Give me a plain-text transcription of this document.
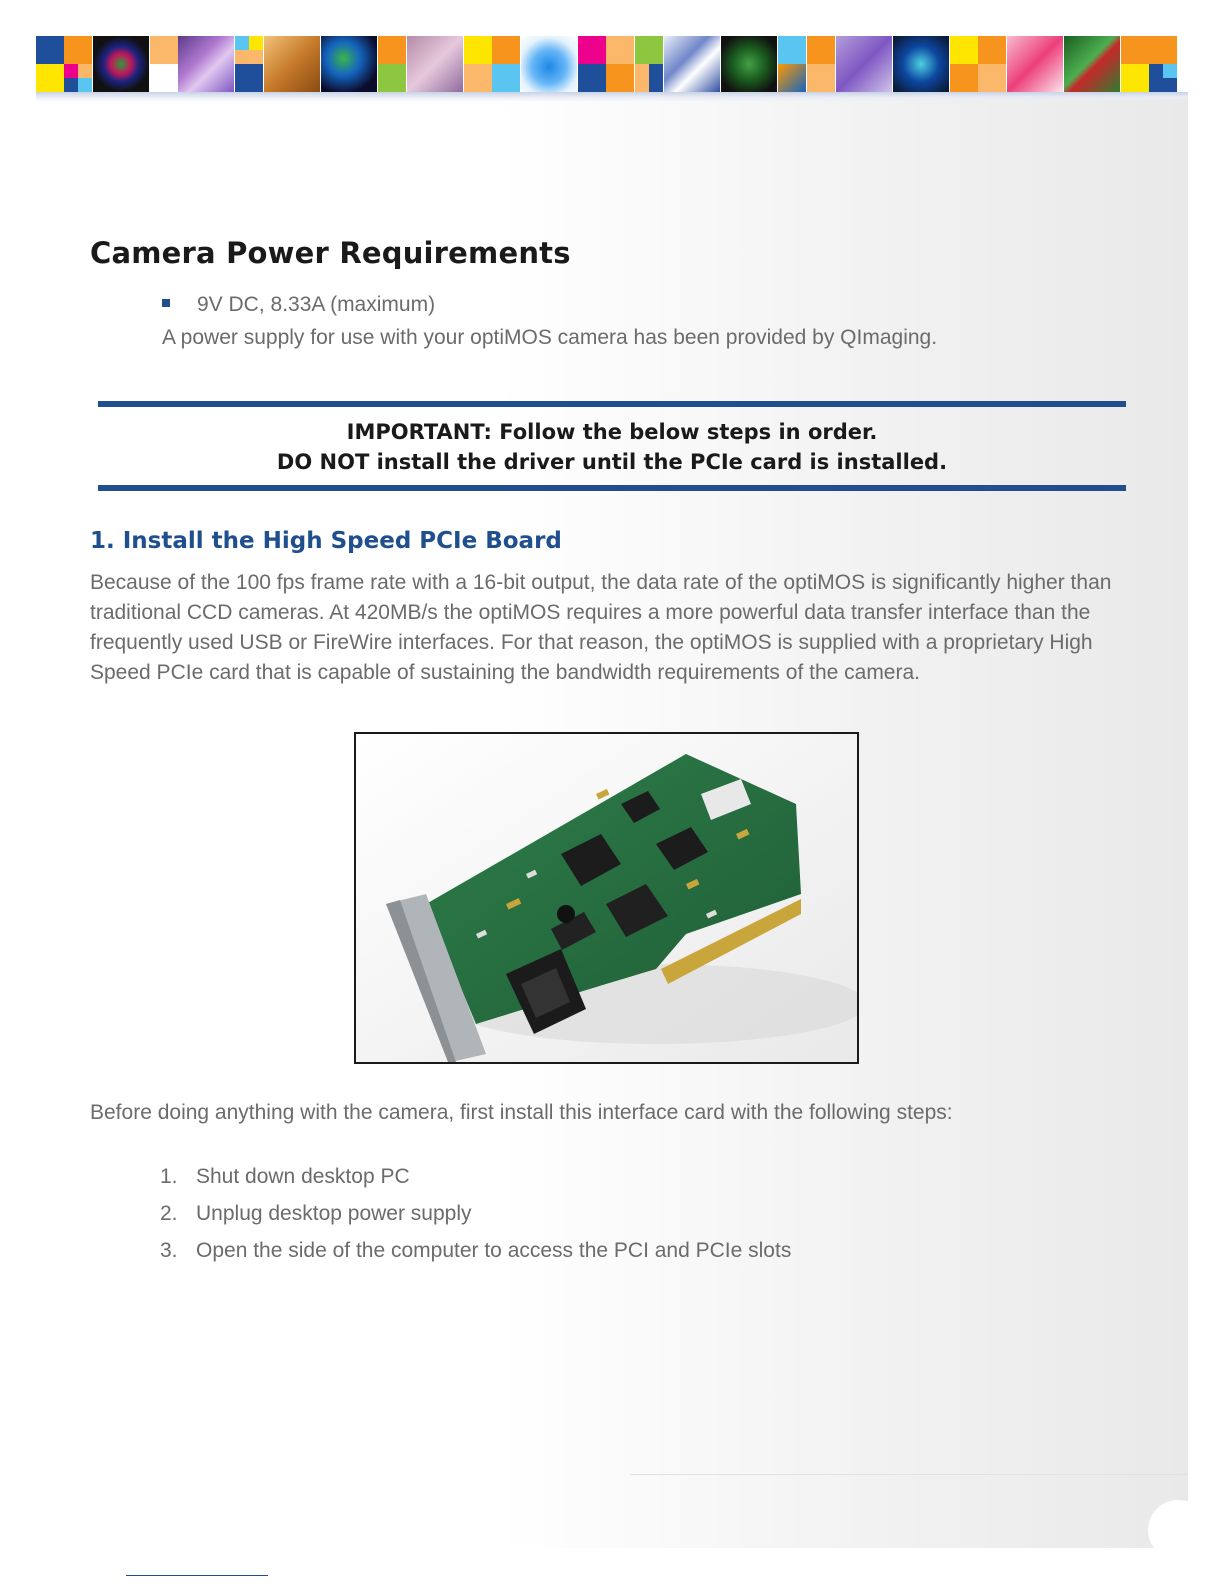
Camera Power Requirements
9V DC, 8.33A (maximum)

A power supply for use with your optiMOS camera has been provided by QImaging.

IMPORTANT: Follow the below steps in order.
DO NOT install the driver until the PCIe card is installed.
1. Install the High Speed PCIe Board

Because of the 100 fps frame rate with a 16-bit output, the data rate of the optiMOS is significantly higher than traditional CCD cameras. At 420MB/s the optiMOS requires a more powerful data transfer interface than the frequently used USB or FireWire interfaces. For that reason, the optiMOS is supplied with a proprietary High Speed PCIe card that is capable of sustaining the bandwidth requirements of the camera.

Before doing anything with the camera, first install this interface card with the following steps:

1. Shut down desktop PC
2. Unplug desktop power supply
3. Open the side of the computer to access the PCI and PCIe slots
